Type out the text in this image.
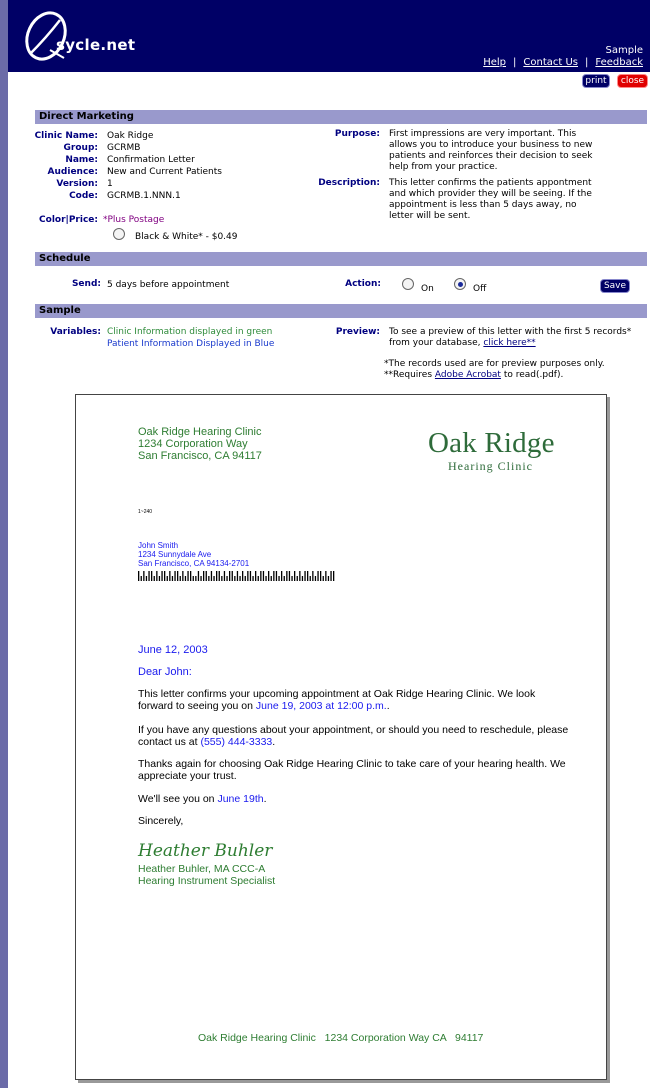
sycle.net	Sample
Help | Contact Us | Feedback
print	close
Direct Marketing
Clinic Name: Oak Ridge
Group: GCRMB
Name: Confirmation Letter
Audience: New and Current Patients
Version: 1
Code: GCRMB.1.NNN.1
Color|Price: *Plus Postage
Black & White* - $0.49
Purpose: First impressions are very important. This
allows you to introduce your business to new
patients and reinforces their decision to seek
help from your practice.
Description: This letter confirms the patients appontment
and which provider they will be seeing. If the
appointment is less than 5 days away, no
letter will be sent.
Schedule
Send: 5 days before appointment	Action:	On	Off	Save
Sample
Variables: Clinic Information displayed in green
Patient Information Displayed in Blue
Preview: To see a preview of this letter with the first 5 records*
from your database, click here**
*The records used are for preview purposes only.
**Requires Adobe Acrobat to read(.pdf).
Oak Ridge Hearing Clinic
1234 Corporation Way
San Francisco, CA 94117	Oak Ridge
Hearing Clinic
1~240
John Smith
1234 Sunnydale Ave
San Francisco, CA 94134-2701
June 12, 2003
Dear John:
This letter confirms your upcoming appointment at Oak Ridge Hearing Clinic. We look
forward to seeing you on June 19, 2003 at 12:00 p.m..
If you have any questions about your appointment, or should you need to reschedule, please
contact us at (555) 444-3333.
Thanks again for choosing Oak Ridge Hearing Clinic to take care of your hearing health. We
appreciate your trust.
We'll see you on June 19th.
Sincerely,
Heather Buhler
Heather Buhler, MA CCC-A
Hearing Instrument Specialist
Oak Ridge Hearing Clinic   1234 Corporation Way CA   94117
